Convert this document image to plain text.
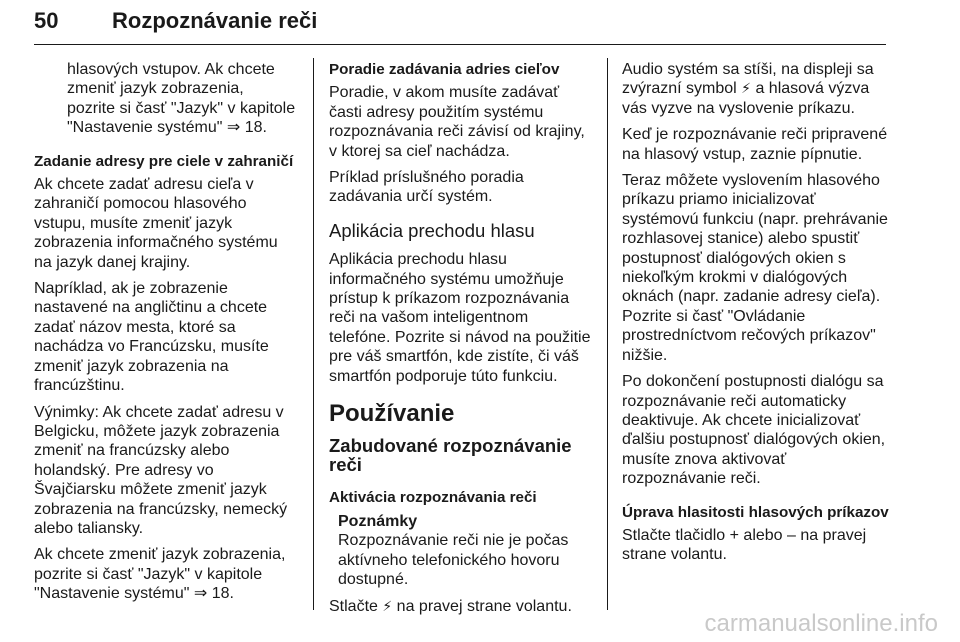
50 Rozpoznávanie reči

hlasových vstupov. Ak chcete zmeniť jazyk zobrazenia, pozrite si časť "Jazyk" v kapitole "Nastavenie systému" ⇒ 18.

Zadanie adresy pre ciele v zahraničí

Ak chcete zadať adresu cieľa v zahraničí pomocou hlasového vstupu, musíte zmeniť jazyk zobrazenia informačného systému na jazyk danej krajiny.

Napríklad, ak je zobrazenie nastavené na angličtinu a chcete zadať názov mesta, ktoré sa nachádza vo Francúzsku, musíte zmeniť jazyk zobrazenia na francúzštinu.

Výnimky: Ak chcete zadať adresu v Belgicku, môžete jazyk zobrazenia zmeniť na francúzsky alebo holandský. Pre adresy vo Švajčiarsku môžete zmeniť jazyk zobrazenia na francúzsky, nemecký alebo taliansky.

Ak chcete zmeniť jazyk zobrazenia, pozrite si časť "Jazyk" v kapitole "Nastavenie systému" ⇒ 18.

Poradie zadávania adries cieľov

Poradie, v akom musíte zadávať časti adresy použitím systému rozpoznávania reči závisí od krajiny, v ktorej sa cieľ nachádza.

Príklad príslušného poradia zadávania určí systém.

Aplikácia prechodu hlasu

Aplikácia prechodu hlasu informačného systému umožňuje prístup k príkazom rozpoznávania reči na vašom inteligentnom telefóne. Pozrite si návod na použitie pre váš smartfón, kde zistíte, či váš smartfón podporuje túto funkciu.

Používanie
Zabudované rozpoznávanie reči
Aktivácia rozpoznávania reči
Poznámky
Rozpoznávanie reči nie je počas aktívneho telefonického hovoru dostupné.

Stlačte ⚡︎ na pravej strane volantu.

Audio systém sa stíši, na displeji sa zvýrazní symbol ⚡︎ a hlasová výzva vás vyzve na vyslovenie príkazu.

Keď je rozpoznávanie reči pripravené na hlasový vstup, zaznie pípnutie.

Teraz môžete vyslovením hlasového príkazu priamo inicializovať systémovú funkciu (napr. prehrávanie rozhlasovej stanice) alebo spustiť postupnosť dialógových okien s niekoľkým krokmi v dialógových oknách (napr. zadanie adresy cieľa). Pozrite si časť "Ovládanie prostredníctvom rečových príkazov" nižšie.

Po dokončení postupnosti dialógu sa rozpoznávanie reči automaticky deaktivuje. Ak chcete inicializovať ďalšiu postupnosť dialógových okien, musíte znova aktivovať rozpoznávanie reči.

Úprava hlasitosti hlasových príkazov

Stlačte tlačidlo + alebo – na pravej strane volantu.

carmanualsonline.info
